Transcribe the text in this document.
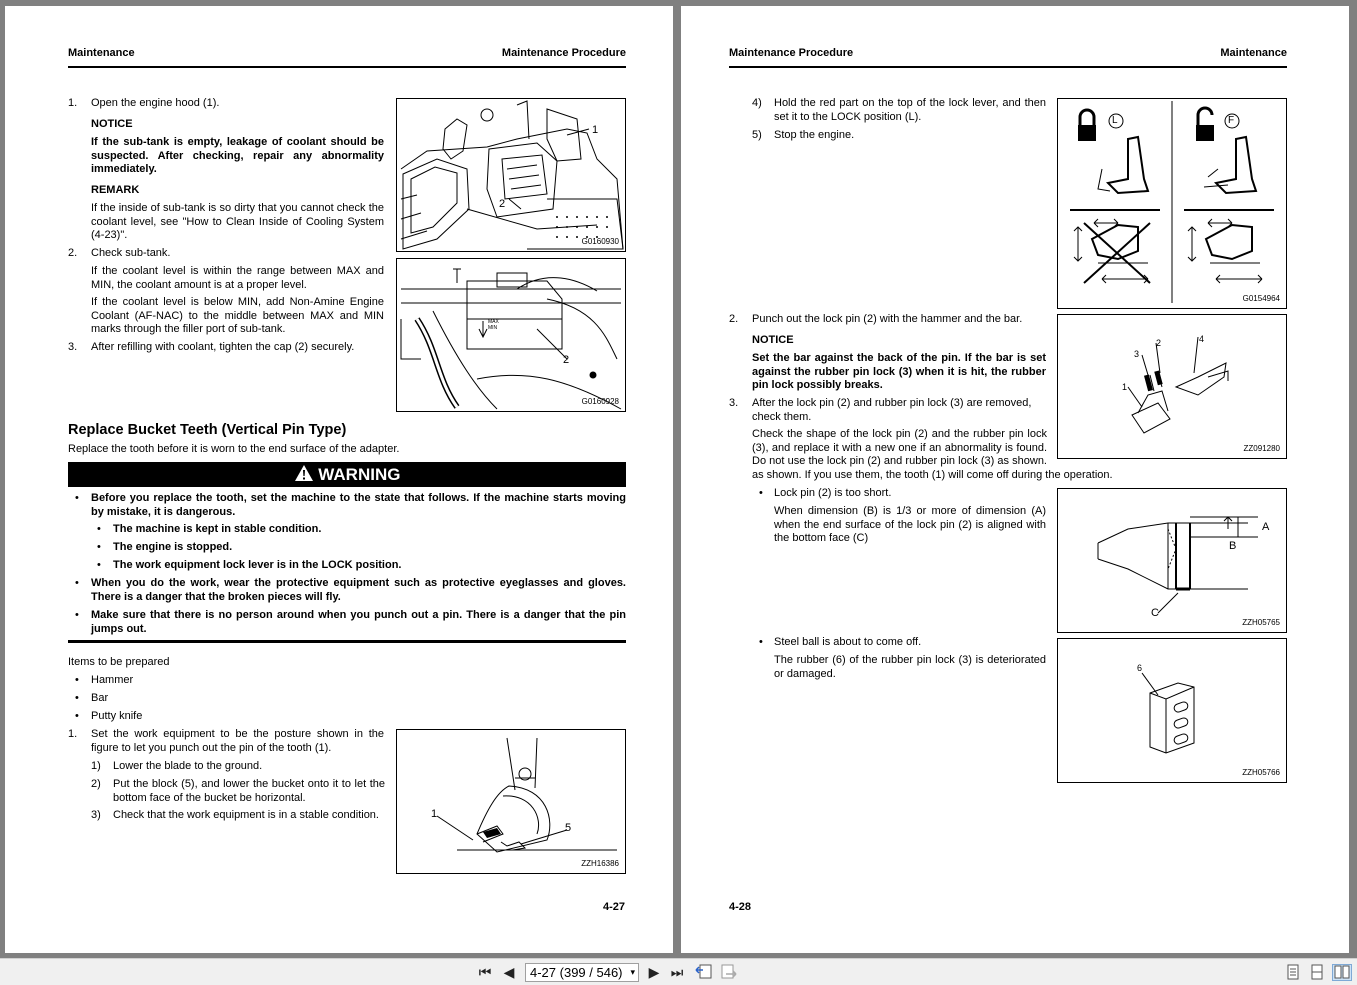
Maintenance	Maintenance Procedure
1. Open the engine hood (1).
NOTICE
If the sub-tank is empty, leakage of coolant should be suspected. After checking, repair any abnormality immediately.
REMARK
If the inside of sub-tank is so dirty that you cannot check the coolant level, see "How to Clean Inside of Cooling System (4-23)".
2. Check sub-tank.
If the coolant level is within the range between MAX and MIN, the coolant amount is at a proper level.
If the coolant level is below MIN, add Non-Amine Engine Coolant (AF-NAC) to the middle between MAX and MIN marks through the filler port of sub-tank.
3. After refilling with coolant, tighten the cap (2) securely.
1
2
G0160930
MAX
MIN
2
G0160928
Replace Bucket Teeth (Vertical Pin Type)
Replace the tooth before it is worn to the end surface of the adapter.
WARNING
• Before you replace the tooth, set the machine to the state that follows. If the machine starts moving by mistake, it is dangerous.
• The machine is kept in stable condition.
• The engine is stopped.
• The work equipment lock lever is in the LOCK position.
• When you do the work, wear the protective equipment such as protective eyeglasses and gloves. There is a danger that the broken pieces will fly.
• Make sure that there is no person around when you punch out a pin. There is a danger that the pin jumps out.
Items to be prepared
• Hammer
• Bar
• Putty knife
1. Set the work equipment to be the posture shown in the figure to let you punch out the pin of the tooth (1).
1) Lower the blade to the ground.
2) Put the block (5), and lower the bucket onto it to let the bottom face of the bucket be horizontal.
3) Check that the work equipment is in a stable condition.	1
5
ZZH16386
4-27
Maintenance Procedure	Maintenance
4) Hold the red part on the top of the lock lever, and then set it to the LOCK position (L).
5) Stop the engine.
L	F
G0154964
2. Punch out the lock pin (2) with the hammer and the bar.
NOTICE
Set the bar against the back of the pin. If the bar is set against the rubber pin lock (3) when it is hit, the rubber pin lock possibly breaks.	1
2
3
4
ZZ091280
3. After the lock pin (2) and rubber pin lock (3) are removed, check them.
Check the shape of the lock pin (2) and the rubber pin lock (3), and replace it with a new one if an abnormality is found. Do not use the lock pin (2) and rubber pin lock (3) as shown.
as shown. If you use them, the tooth (1) will come off during the operation.
• Lock pin (2) is too short.
When dimension (B) is 1/3 or more of dimension (A) when the end surface of the lock pin (2) is aligned with the bottom face (C)
A
B
C
ZZH05765
• Steel ball is about to come off.
The rubber (6) of the rubber pin lock (3) is deteriorated or damaged.	6
ZZH05766
4-28
⏮ ◀	4-27 (399 / 546) ▾ ▶ ⏭
